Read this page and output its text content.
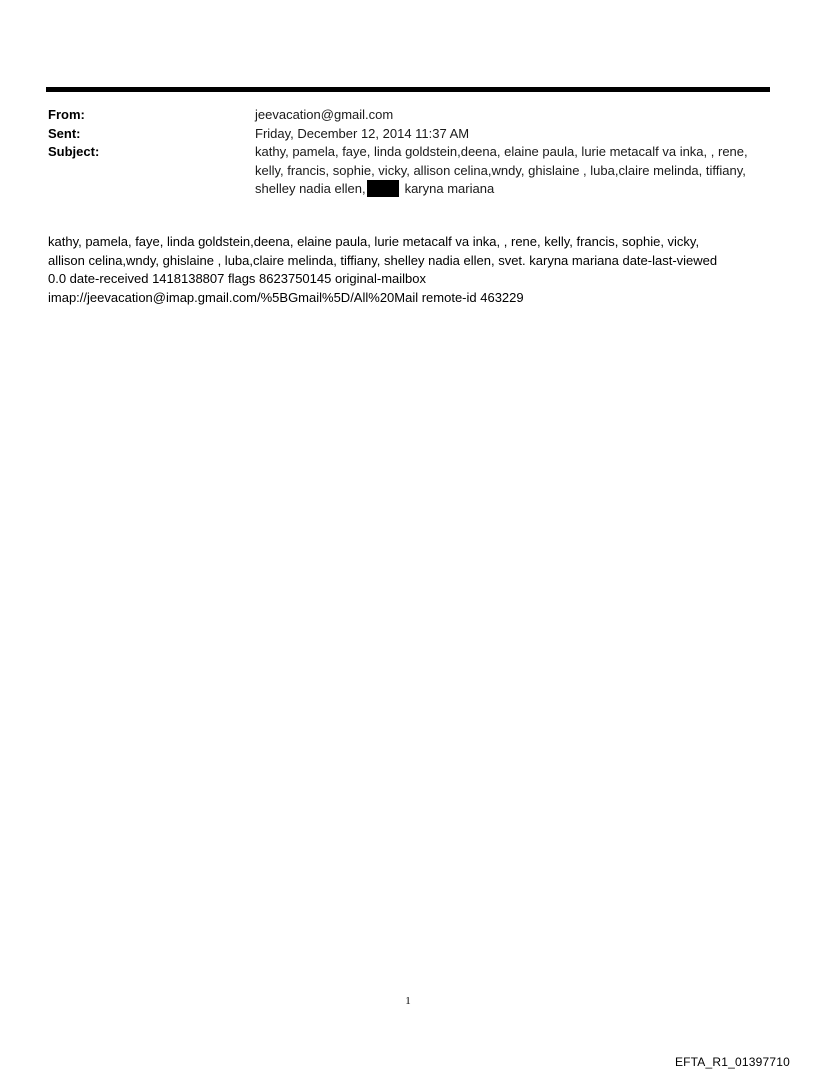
From:	jeevacation@gmail.com
Sent:	Friday, December 12, 2014 11:37 AM
Subject:	kathy, pamela, faye, linda goldstein,deena, elaine paula, lurie metacalf va inka, , rene, kelly, francis, sophie, vicky, allison celina,wndy, ghislaine , luba,claire melinda, tiffiany, shelley nadia ellen,	karyna mariana
kathy, pamela, faye, linda goldstein,deena, elaine paula, lurie metacalf va inka, , rene, kelly, francis, sophie, vicky,
allison celina,wndy, ghislaine , luba,claire melinda, tiffiany, shelley nadia ellen, svet. karyna mariana date-last-viewed
0.0 date-received 1418138807 flags 8623750145 original-mailbox
imap://jeevacation@imap.gmail.com/%5BGmail%5D/All%20Mail remote-id 463229
1
EFTA_R1_01397710
